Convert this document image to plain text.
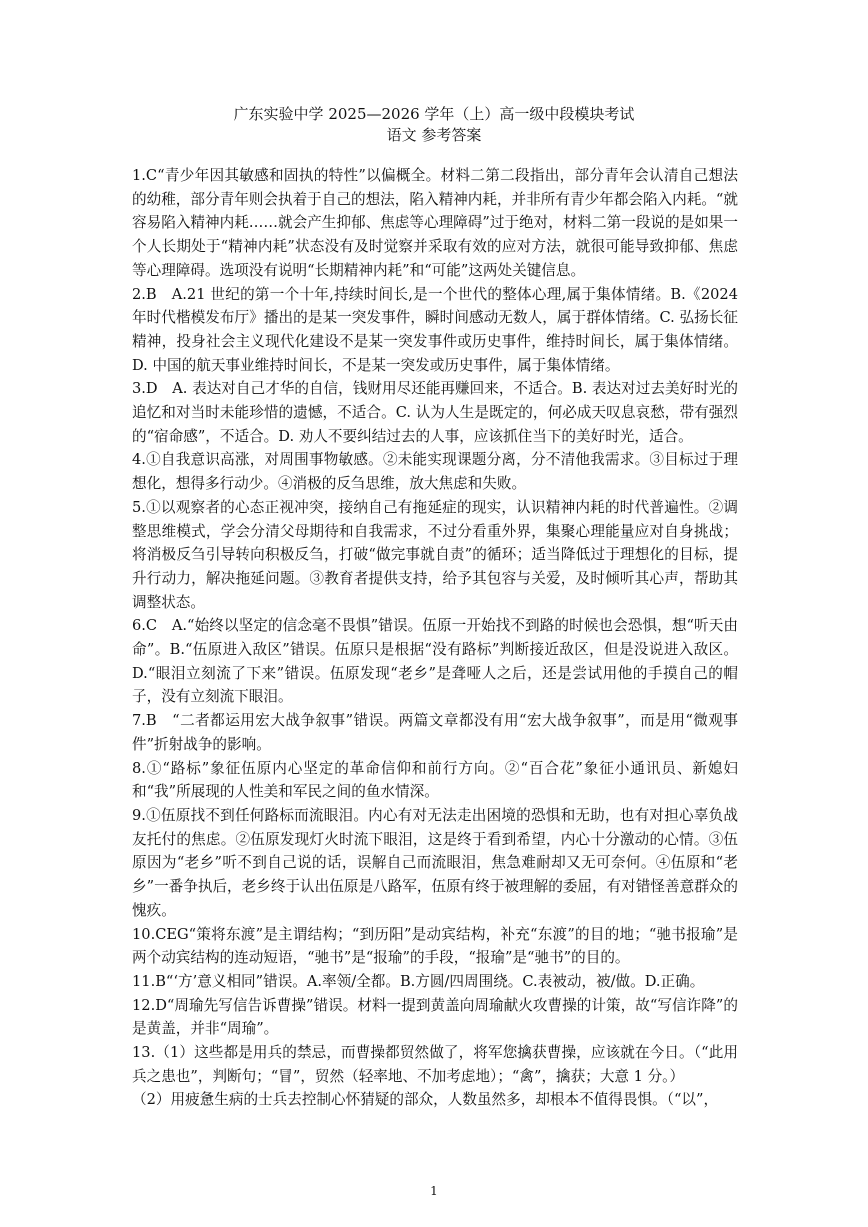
广东实验中学 2025—2026 学年（上）高一级中段模块考试
语文 参考答案

1.C“青少年因其敏感和固执的特性”以偏概全。材料二第二段指出，部分青年会认清自己想法的幼稚，部分青年则会执着于自己的想法，陷入精神内耗，并非所有青少年都会陷入内耗。“就容易陷入精神内耗……就会产生抑郁、焦虑等心理障碍”过于绝对，材料二第一段说的是如果一个人长期处于“精神内耗”状态没有及时觉察并采取有效的应对方法，就很可能导致抑郁、焦虑等心理障碍。选项没有说明“长期精神内耗”和“可能”这两处关键信息。

2.B　A.21 世纪的第一个十年,持续时间长,是一个世代的整体心理,属于集体情绪。B.《2024年时代楷模发布厅》播出的是某一突发事件，瞬时间感动无数人，属于群体情绪。C. 弘扬长征精神，投身社会主义现代化建设不是某一突发事件或历史事件，维持时间长，属于集体情绪。D. 中国的航天事业维持时间长，不是某一突发或历史事件，属于集体情绪。

3.D　A. 表达对自己才华的自信，钱财用尽还能再赚回来，不适合。B. 表达对过去美好时光的追忆和对当时未能珍惜的遗憾，不适合。C. 认为人生是既定的，何必成天叹息哀愁，带有强烈的“宿命感”，不适合。D. 劝人不要纠结过去的人事，应该抓住当下的美好时光，适合。

4.①自我意识高涨，对周围事物敏感。②未能实现课题分离，分不清他我需求。③目标过于理想化，想得多行动少。④消极的反刍思维，放大焦虑和失败。

5.①以观察者的心态正视冲突，接纳自己有拖延症的现实，认识精神内耗的时代普遍性。②调整思维模式，学会分清父母期待和自我需求，不过分看重外界，集聚心理能量应对自身挑战；将消极反刍引导转向积极反刍，打破“做完事就自责”的循环；适当降低过于理想化的目标，提升行动力，解决拖延问题。③教育者提供支持，给予其包容与关爱，及时倾听其心声，帮助其调整状态。

6.C　A.“始终以坚定的信念毫不畏惧”错误。伍原一开始找不到路的时候也会恐惧，想“听天由命”。B.“伍原进入敌区”错误。伍原只是根据“没有路标”判断接近敌区，但是没说进入敌区。D.“眼泪立刻流了下来”错误。伍原发现“老乡”是聋哑人之后，还是尝试用他的手摸自己的帽子，没有立刻流下眼泪。

7.B　“二者都运用宏大战争叙事”错误。两篇文章都没有用“宏大战争叙事”，而是用“微观事件”折射战争的影响。

8.①“路标”象征伍原内心坚定的革命信仰和前行方向。②“百合花”象征小通讯员、新媳妇和“我”所展现的人性美和军民之间的鱼水情深。

9.①伍原找不到任何路标而流眼泪。内心有对无法走出困境的恐惧和无助，也有对担心辜负战友托付的焦虑。②伍原发现灯火时流下眼泪，这是终于看到希望，内心十分激动的心情。③伍原因为“老乡”听不到自己说的话，误解自己而流眼泪，焦急难耐却又无可奈何。④伍原和“老乡”一番争执后，老乡终于认出伍原是八路军，伍原有终于被理解的委屈，有对错怪善意群众的愧疚。

10.CEG“策将东渡”是主谓结构；“到历阳”是动宾结构，补充“东渡”的目的地；“驰书报瑜”是两个动宾结构的连动短语，“驰书”是“报瑜”的手段，“报瑜”是“驰书”的目的。

11.B“‘方’意义相同”错误。A.率领/全都。B.方圆/四周围绕。C.表被动，被/做。D.正确。

12.D“周瑜先写信告诉曹操”错误。材料一提到黄盖向周瑜献火攻曹操的计策，故“写信诈降”的是黄盖，并非“周瑜”。

13.（1）这些都是用兵的禁忌，而曹操都贸然做了，将军您擒获曹操，应该就在今日。（“此用兵之患也”，判断句；“冒”，贸然（轻率地、不加考虑地）；“禽”，擒获；大意 1 分。）

（2）用疲惫生病的士兵去控制心怀猜疑的部众，人数虽然多，却根本不值得畏惧。（“以”，

1
